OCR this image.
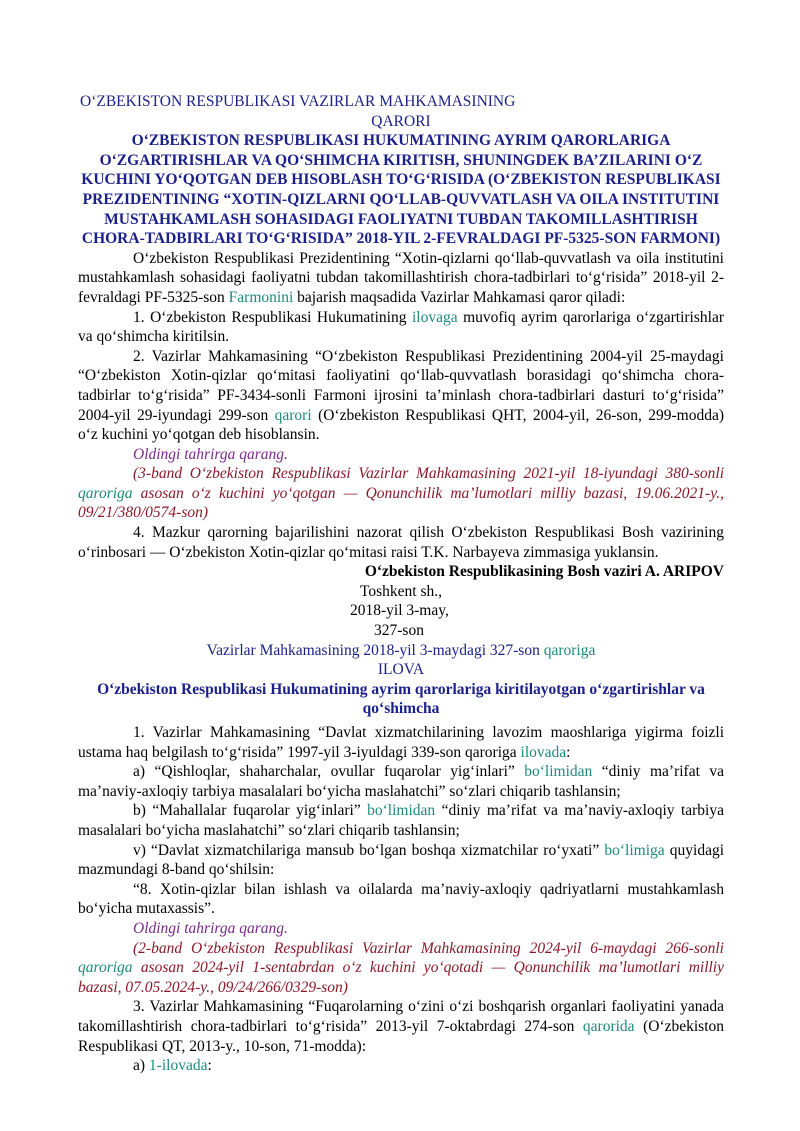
O‘ZBEKISTON RESPUBLIKASI VAZIRLAR MAHKAMASINING

QARORI

O‘ZBEKISTON RESPUBLIKASI HUKUMATINING AYRIM QARORLARIGA O‘ZGARTIRISHLAR VA QO‘SHIMCHA KIRITISH, SHUNINGDEK BA’ZILARINI O‘Z KUCHINI YO‘QOTGAN DEB HISOBLASH TO‘G‘RISIDA (O‘ZBEKISTON RESPUBLIKASI PREZIDENTINING “XOTIN-QIZLARNI QO‘LLAB-QUVVATLASH VA OILA INSTITUTINI MUSTAHKAMLASH SOHASIDAGI FAOLIYATNI TUBDAN TAKOMILLASHTIRISH CHORA-TADBIRLARI TO‘G‘RISIDA” 2018-YIL 2-FEVRALDAGI PF-5325-SON FARMONI)

O‘zbekiston Respublikasi Prezidentining “Xotin-qizlarni qo‘llab-quvvatlash va oila institutini mustahkamlash sohasidagi faoliyatni tubdan takomillashtirish chora-tadbirlari to‘g‘risida” 2018-yil 2-fevraldagi PF-5325-son Farmonini bajarish maqsadida Vazirlar Mahkamasi qaror qiladi:

1. O‘zbekiston Respublikasi Hukumatining ilovaga muvofiq ayrim qarorlariga o‘zgartirishlar va qo‘shimcha kiritilsin.

2. Vazirlar Mahkamasining “O‘zbekiston Respublikasi Prezidentining 2004-yil 25-maydagi “O‘zbekiston Xotin-qizlar qo‘mitasi faoliyatini qo‘llab-quvvatlash borasidagi qo‘shimcha chora-tadbirlar to‘g‘risida” PF-3434-sonli Farmoni ijrosini ta’minlash chora-tadbirlari dasturi to‘g‘risida” 2004-yil 29-iyundagi 299-son qarori (O‘zbekiston Respublikasi QHT, 2004-yil, 26-son, 299-modda) o‘z kuchini yo‘qotgan deb hisoblansin.

Oldingi tahrirga qarang.

(3-band O‘zbekiston Respublikasi Vazirlar Mahkamasining 2021-yil 18-iyundagi 380-sonli qaroriga asosan o‘z kuchini yo‘qotgan — Qonunchilik ma’lumotlari milliy bazasi, 19.06.2021-y., 09/21/380/0574-son)

4. Mazkur qarorning bajarilishini nazorat qilish O‘zbekiston Respublikasi Bosh vazirining o‘rinbosari — O‘zbekiston Xotin-qizlar qo‘mitasi raisi T.K. Narbayeva zimmasiga yuklansin.

O‘zbekiston Respublikasining Bosh vaziri A. ARIPOV

Toshkent sh.,

2018-yil 3-may,

327-son

Vazirlar Mahkamasining 2018-yil 3-maydagi 327-son qaroriga

ILOVA

O‘zbekiston Respublikasi Hukumatining ayrim qarorlariga kiritilayotgan o‘zgartirishlar va qo‘shimcha

1. Vazirlar Mahkamasining “Davlat xizmatchilarining lavozim maoshlariga yigirma foizli ustama haq belgilash to‘g‘risida” 1997-yil 3-iyuldagi 339-son qaroriga ilovada:

a) “Qishloqlar, shaharchalar, ovullar fuqarolar yig‘inlari” bo‘limidan “diniy ma’rifat va ma’naviy-axloqiy tarbiya masalalari bo‘yicha maslahatchi” so‘zlari chiqarib tashlansin;

b) “Mahallalar fuqarolar yig‘inlari” bo‘limidan “diniy ma’rifat va ma’naviy-axloqiy tarbiya masalalari bo‘yicha maslahatchi” so‘zlari chiqarib tashlansin;

v) “Davlat xizmatchilariga mansub bo‘lgan boshqa xizmatchilar ro‘yxati” bo‘limiga quyidagi mazmundagi 8-band qo‘shilsin:

“8. Xotin-qizlar bilan ishlash va oilalarda ma’naviy-axloqiy qadriyatlarni mustahkamlash bo‘yicha mutaxassis”.

Oldingi tahrirga qarang.

(2-band O‘zbekiston Respublikasi Vazirlar Mahkamasining 2024-yil 6-maydagi 266-sonli qaroriga asosan 2024-yil 1-sentabrdan o‘z kuchini yo‘qotadi — Qonunchilik ma’lumotlari milliy bazasi, 07.05.2024-y., 09/24/266/0329-son)

3. Vazirlar Mahkamasining “Fuqarolarning o‘zini o‘zi boshqarish organlari faoliyatini yanada takomillashtirish chora-tadbirlari to‘g‘risida” 2013-yil 7-oktabrdagi 274-son qarorida (O‘zbekiston Respublikasi QT, 2013-y., 10-son, 71-modda):

a) 1-ilovada:
